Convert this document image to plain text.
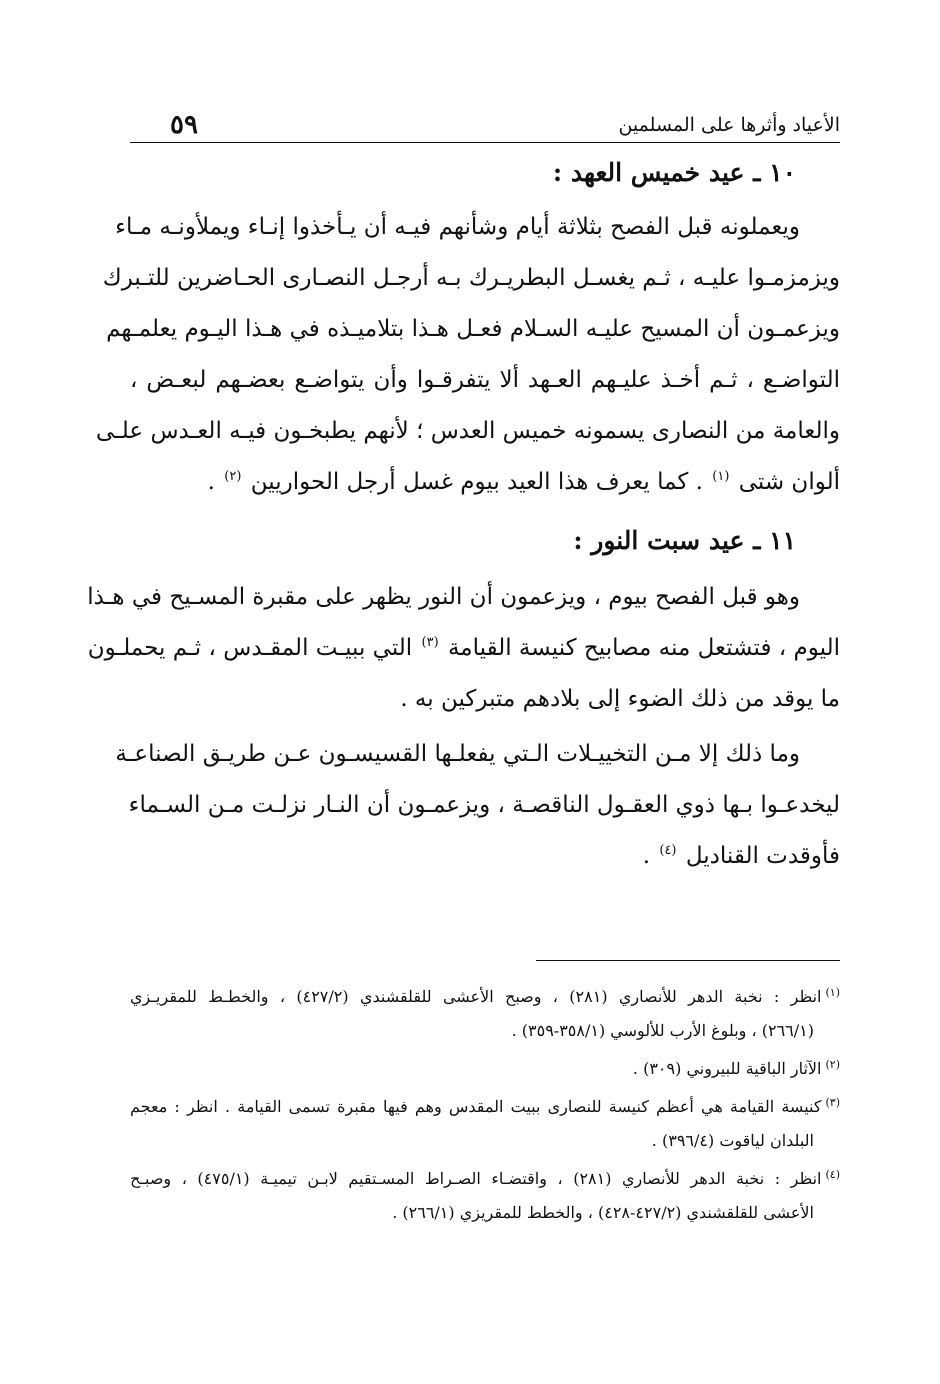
الأعياد وأثرها على المسلمين
٥٩
١٠ ـ عيد خميس العهد :
ويعملونه قبل الفصح بثلاثة أيام وشأنهم فيـه أن يـأخذوا إنـاء ويملأونـه مـاء
ويزمزمـوا عليـه ، ثـم يغسـل البطريـرك بـه أرجـل النصـارى الحـاضرين للتـبرك
ويزعمـون أن المسيح عليـه السـلام فعـل هـذا بتلاميـذه في هـذا اليـوم يعلمـهم
التواضـع ، ثـم أخـذ عليـهم العـهد ألا يتفرقـوا وأن يتواضـع بعضـهم لبعـض ،
والعامة من النصارى يسمونه خميس العدس ؛ لأنهم يطبخـون فيـه العـدس علـى
ألوان شتى $^{(١)}$ . كما يعرف هذا العيد بيوم غسل أرجل الحواريين $^{(٢)}$ .
١١ ـ عيد سبت النور :
وهو قبل الفصح بيوم ، ويزعمون أن النور يظهر على مقبرة المسـيح في هـذا
اليوم ، فتشتعل منه مصابيح كنيسة القيامة $^{(٣)}$ التي ببيـت المقـدس ، ثـم يحملـون
ما يوقد من ذلك الضوء إلى بلادهم متبركين به .
وما ذلك إلا مـن التخييـلات الـتي يفعلـها القسيسـون عـن طريـق الصناعـة
ليخدعـوا بـها ذوي العقـول الناقصـة ، ويزعمـون أن النـار نزلـت مـن السـماء
فأوقدت القناديل $^{(٤)}$ .
$^{(١)}$انظر : نخبة الدهر للأنصاري (٢٨١) ، وصبح الأعشى للقلقشندي (٤٢٧/٢) ، والخطـط للمقريـزي
(٢٦٦/١) ، وبلوغ الأرب للألوسي (٣٥٨/١-٣٥٩) .
$^{(٢)}$الآثار الباقية للبيروني (٣٠٩) .
$^{(٣)}$كنيسة القيامة هي أعظم كنيسة للنصارى ببيت المقدس وهم فيها مقبرة تسمى القيامة . انظر : معجم
البلدان لياقوت (٣٩٦/٤) .
$^{(٤)}$انظر : نخبة الدهر للأنصاري (٢٨١) ، واقتضـاء الصـراط المسـتقيم لابـن تيميـة (٤٧٥/١) ، وصبـح
الأعشى للقلقشندي (٤٢٧/٢-٤٢٨) ، والخطط للمقريزي (٢٦٦/١) .
